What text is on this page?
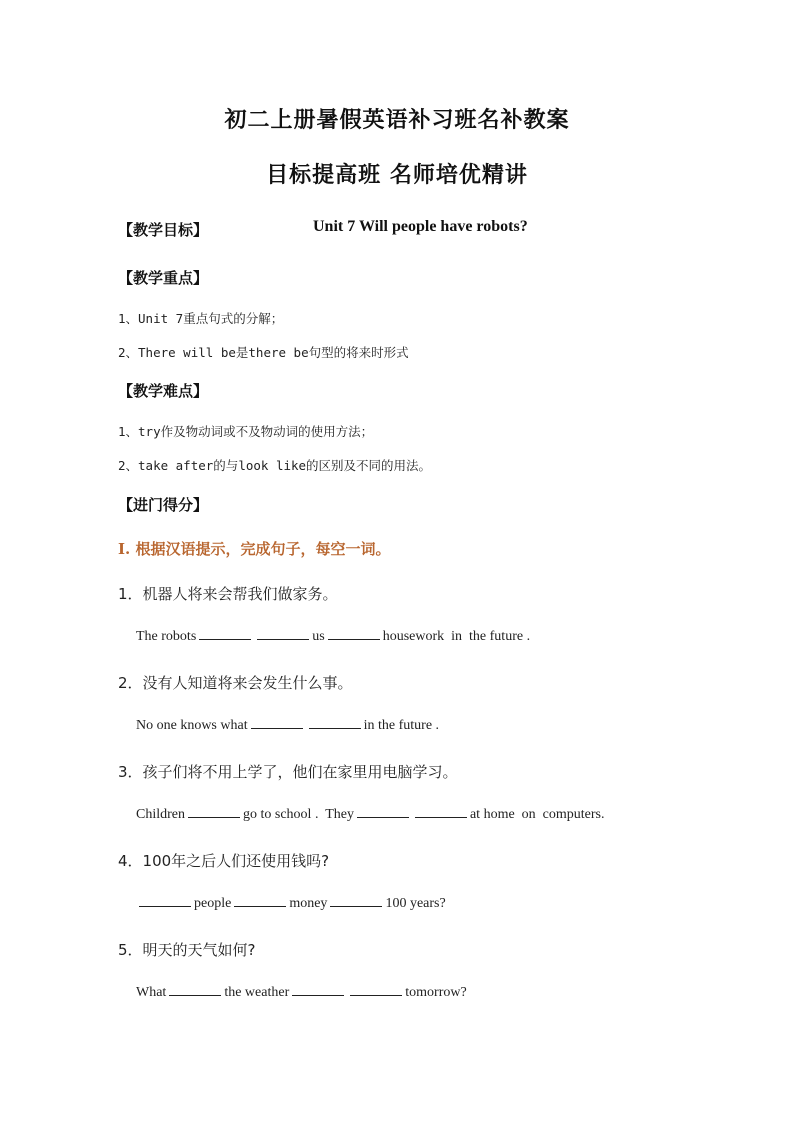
初二上册暑假英语补习班名补教案
目标提高班 名师培优精讲
【教学目标】	Unit 7 Will people have robots?
【教学重点】
1、Unit 7重点句式的分解；
2、There will be是there be句型的将来时形式
【教学难点】
1、try作及物动词或不及物动词的使用方法；
2、take after的与look like的区别及不同的用法。
【进门得分】
I. 根据汉语提示，完成句子，每空一词。
1．机器人将来会帮我们做家务。
The robots	us	housework  in  the future .
2．没有人知道将来会发生什么事。
No one knows what	in the future .
3．孩子们将不用上学了，他们在家里用电脑学习。
Children	go to school .  They	at home  on  computers.
4．100年之后人们还使用钱吗?
people	money	100 years?
5．明天的天气如何?
What	the weather	tomorrow?
